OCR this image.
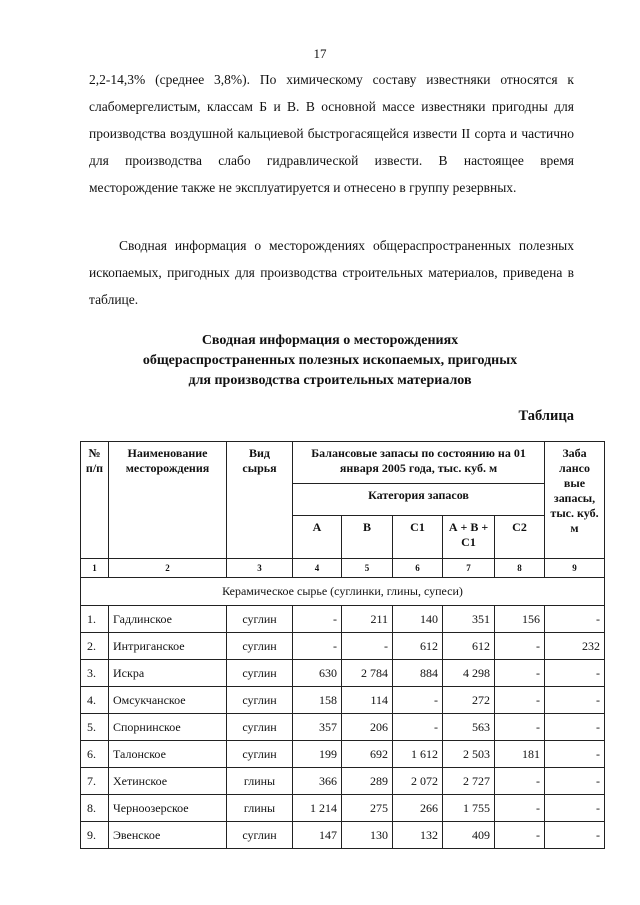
17

2,2-14,3% (среднее 3,8%). По химическому составу известняки относятся к слабомергелистым, классам Б и В. В основной массе известняки пригодны для производства воздушной кальциевой быстрогасящейся извести II сорта и частично для производства слабо гидравлической извести. В настоящее время месторождение также не эксплуатируется и отнесено в группу резервных.

Сводная информация о месторождениях общераспространенных полезных ископаемых, пригодных для производства строительных материалов, приведена в таблице.

Сводная информация о месторождениях
общераспространенных полезных ископаемых, пригодных
для производства строительных материалов
Таблица
№ п/п	Наименование месторождения	Вид сырья	Балансовые запасы по состоянию на 01 января 2005 года, тыс. куб. м					Заба лансо вые запасы, тыс. куб. м
			Категория запасов					
			А	В	С1	А + В + С1	С2	
1	2	3	4	5	6	7	8	9
Керамическое сырье (суглинки, глины, супеси)								
1.	Гадлинское	суглин	-	211	140	351	156	-
2.	Интриганское	суглин	-	-	612	612	-	232
3.	Искра	суглин	630	2 784	884	4 298	-	-
4.	Омсукчанское	суглин	158	114	-	272	-	-
5.	Спорнинское	суглин	357	206	-	563	-	-
6.	Талонское	суглин	199	692	1 612	2 503	181	-
7.	Хетинское	глины	366	289	2 072	2 727	-	-
8.	Черноозерское	глины	1 214	275	266	1 755	-	-
9.	Эвенское	суглин	147	130	132	409	-	-
